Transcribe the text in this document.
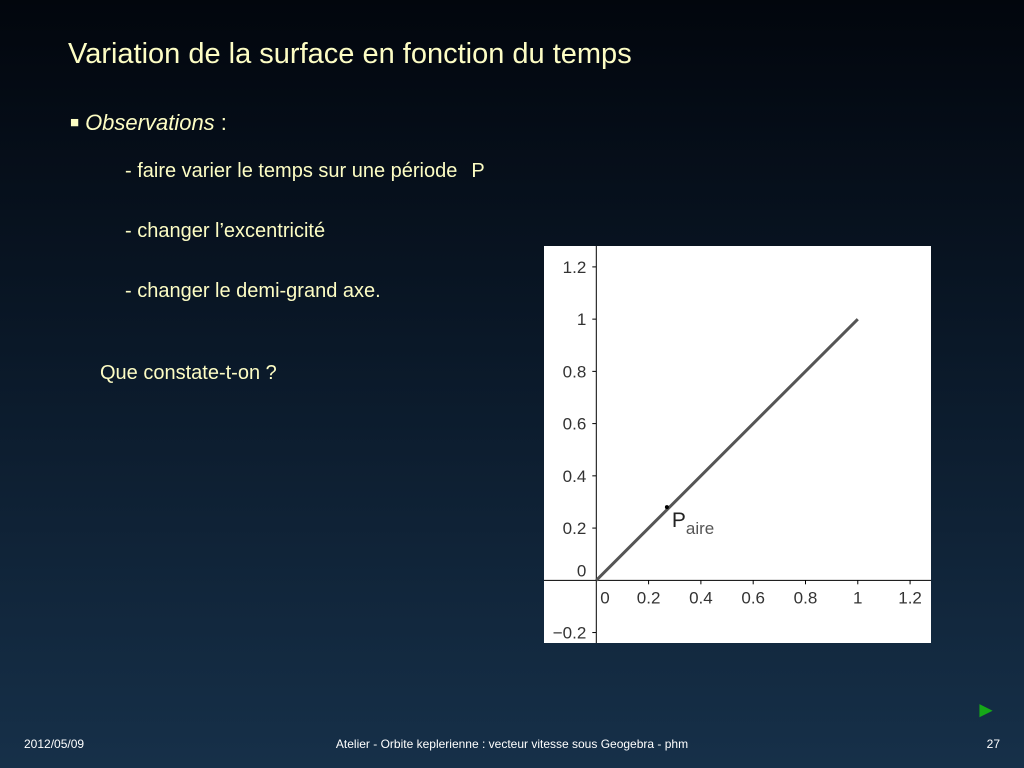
Variation de la surface en fonction du temps
■ Observations :
- faire varier le temps sur une période P
- changer l’excentricité
- changer le demi-grand axe.
Que constate-t-on ?
0 0.2 0.4 0.6 0.8 1 1.2
−0.2
0
0.2
0.4
0.6
0.8
1
1.2
$P_{aire}$
2012/05/09	Atelier - Orbite keplerienne : vecteur vitesse sous Geogebra - phm	27
►
